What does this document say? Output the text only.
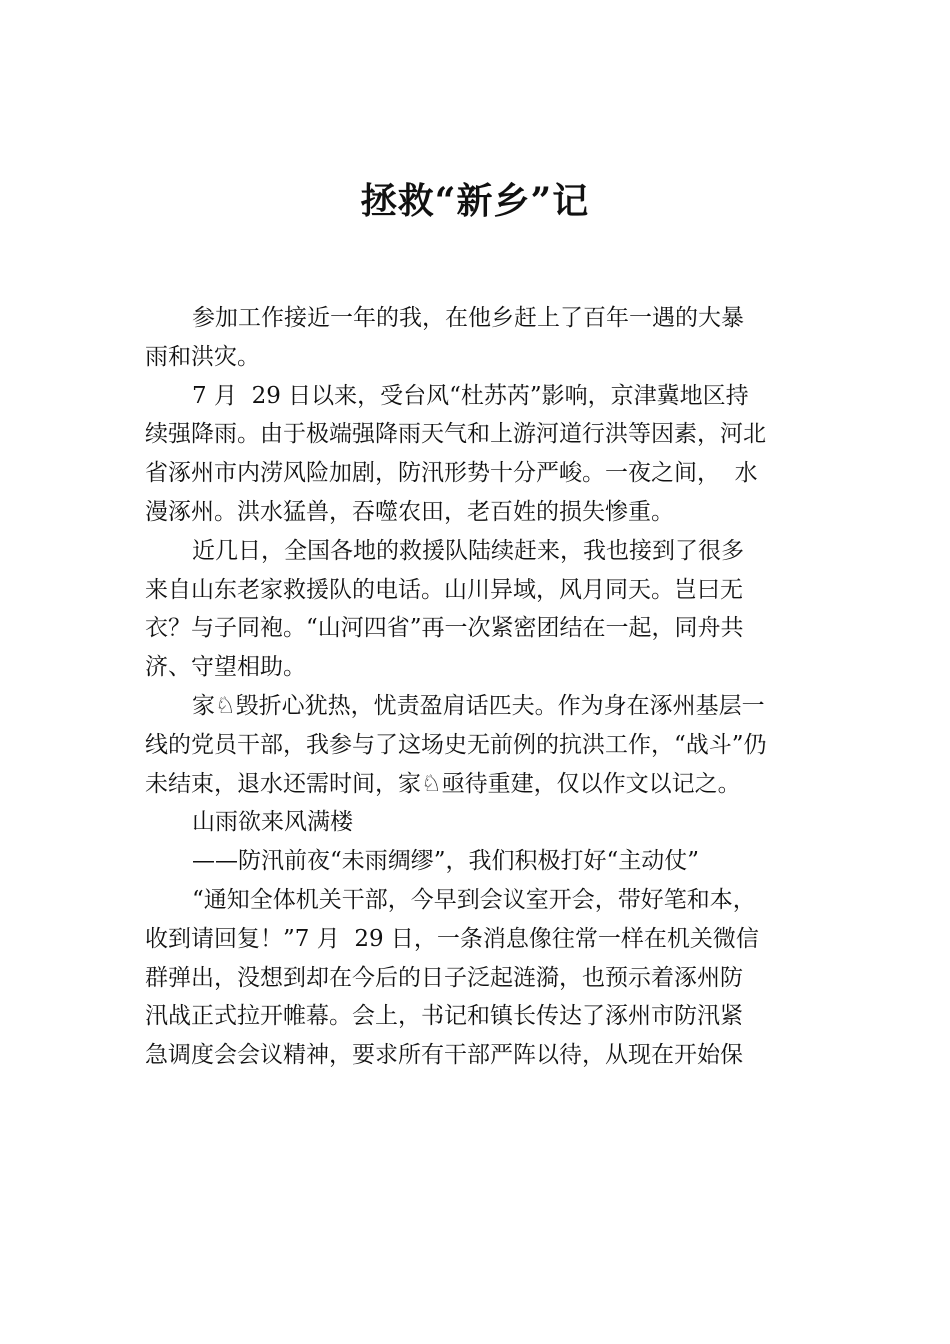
拯救“新乡”记
参加工作接近一年的我，在他乡赶上了百年一遇的大暴
雨和洪灾。
7 月  29 日以来，受台风“杜苏芮”影响，京津冀地区持
续强降雨。由于极端强降雨天气和上游河道行洪等因素，河北
省涿州市内涝风险加剧，防汛形势十分严峻。一夜之间，  水
漫涿州。洪水猛兽，吞噬农田，老百姓的损失惨重。
近几日，全国各地的救援队陆续赶来，我也接到了很多
来自山东老家救援队的电话。山川异域，风月同天。岂曰无
衣？与子同袍。“山河四省”再一次紧密团结在一起，同舟共
济、守望相助。
家♘毁折心犹热，忧责盈肩话匹夫。作为身在涿州基层一
线的党员干部，我参与了这场史无前例的抗洪工作，“战斗”仍
未结束，退水还需时间，家♘亟待重建，仅以作文以记之。
山雨欲来风满楼
——防汛前夜“未雨绸缪”，我们积极打好“主动仗”
“通知全体机关干部，今早到会议室开会，带好笔和本，
收到请回复！”7 月  29 日，一条消息像往常一样在机关微信
群弹出，没想到却在今后的日子泛起涟漪，也预示着涿州防
汛战正式拉开帷幕。会上，书记和镇长传达了涿州市防汛紧
急调度会会议精神，要求所有干部严阵以待，从现在开始保
